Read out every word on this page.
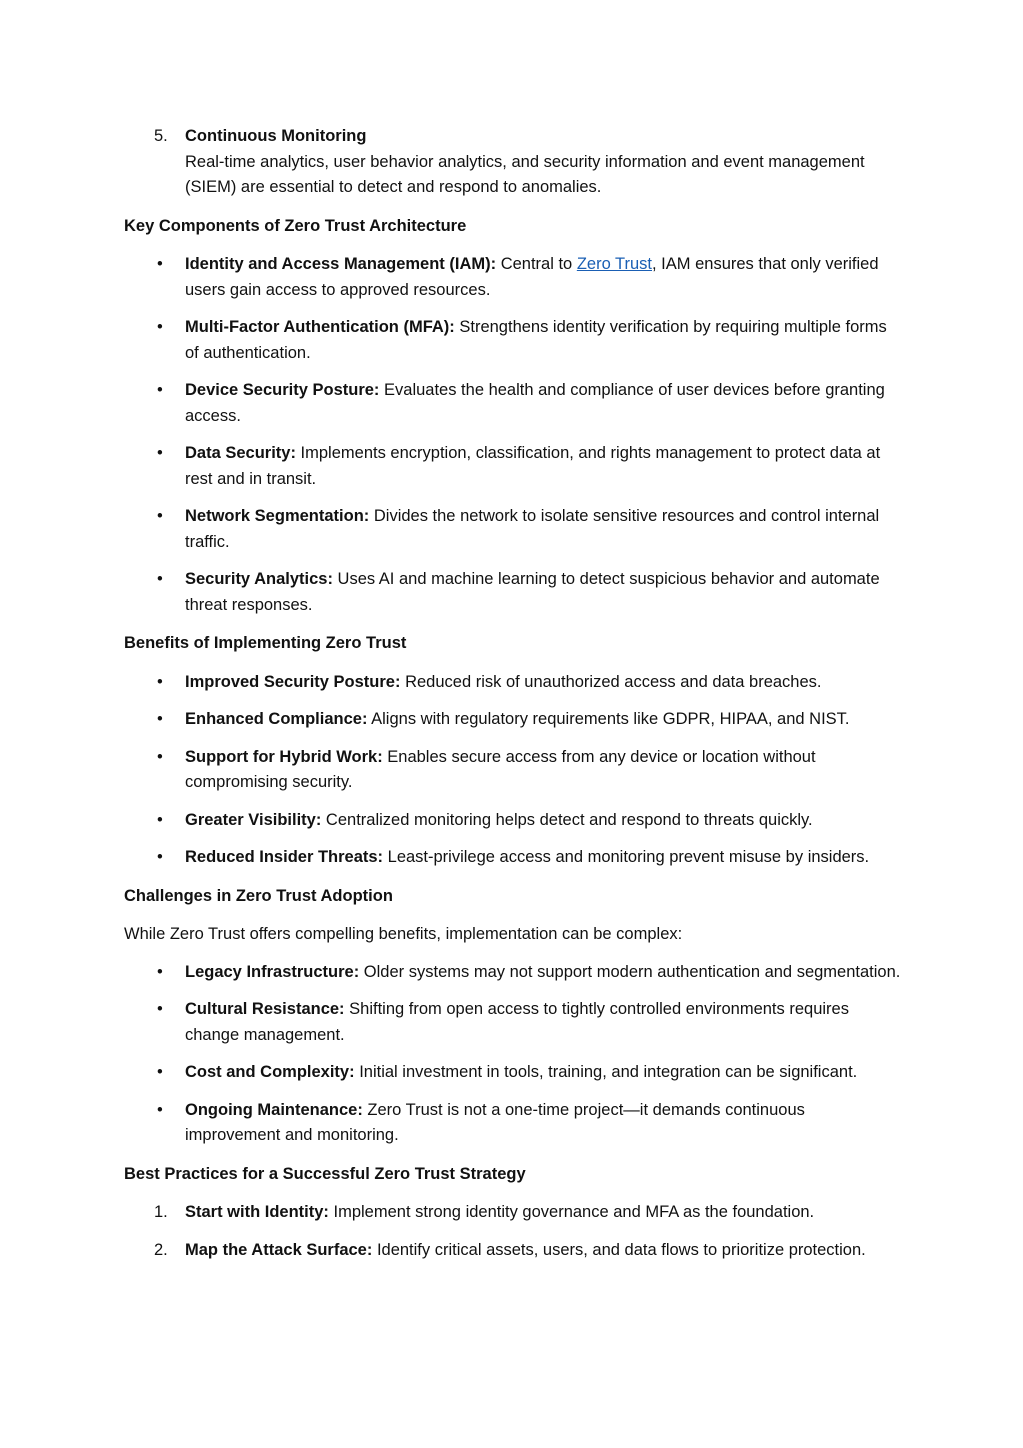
5. Continuous Monitoring
Real-time analytics, user behavior analytics, and security information and event management (SIEM) are essential to detect and respond to anomalies.
Key Components of Zero Trust Architecture
• Identity and Access Management (IAM): Central to Zero Trust, IAM ensures that only verified users gain access to approved resources.
• Multi-Factor Authentication (MFA): Strengthens identity verification by requiring multiple forms of authentication.
• Device Security Posture: Evaluates the health and compliance of user devices before granting access.
• Data Security: Implements encryption, classification, and rights management to protect data at rest and in transit.
• Network Segmentation: Divides the network to isolate sensitive resources and control internal traffic.
• Security Analytics: Uses AI and machine learning to detect suspicious behavior and automate threat responses.
Benefits of Implementing Zero Trust
• Improved Security Posture: Reduced risk of unauthorized access and data breaches.
• Enhanced Compliance: Aligns with regulatory requirements like GDPR, HIPAA, and NIST.
• Support for Hybrid Work: Enables secure access from any device or location without compromising security.
• Greater Visibility: Centralized monitoring helps detect and respond to threats quickly.
• Reduced Insider Threats: Least-privilege access and monitoring prevent misuse by insiders.
Challenges in Zero Trust Adoption
While Zero Trust offers compelling benefits, implementation can be complex:
• Legacy Infrastructure: Older systems may not support modern authentication and segmentation.
• Cultural Resistance: Shifting from open access to tightly controlled environments requires change management.
• Cost and Complexity: Initial investment in tools, training, and integration can be significant.
• Ongoing Maintenance: Zero Trust is not a one-time project—it demands continuous improvement and monitoring.
Best Practices for a Successful Zero Trust Strategy
1. Start with Identity: Implement strong identity governance and MFA as the foundation.
2. Map the Attack Surface: Identify critical assets, users, and data flows to prioritize protection.
